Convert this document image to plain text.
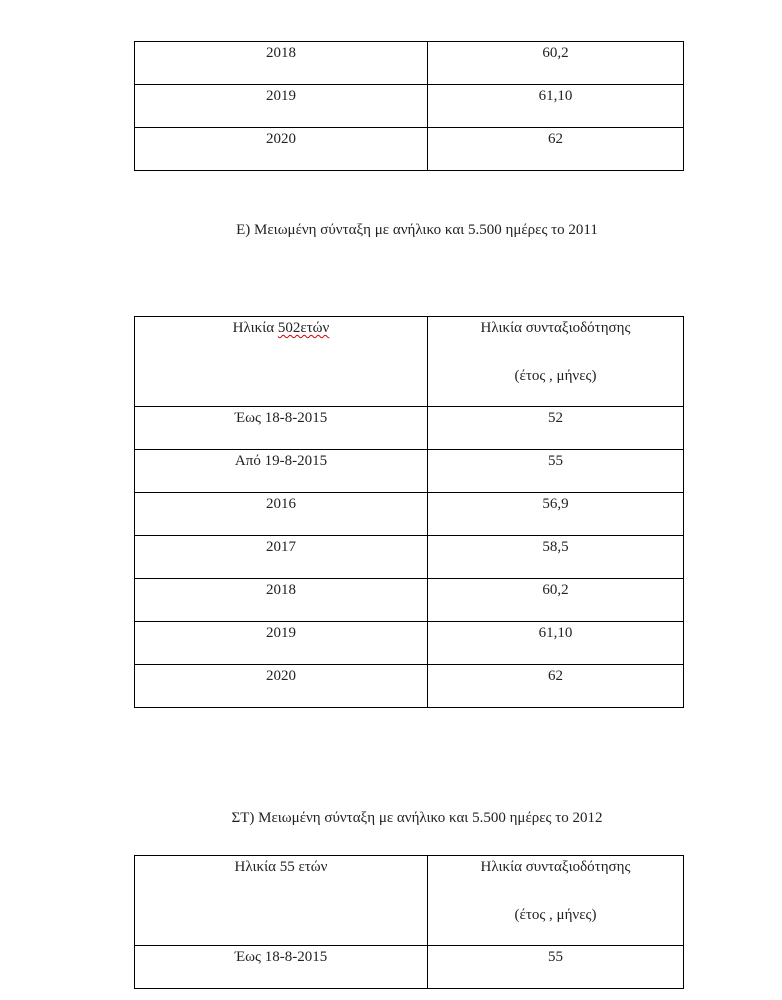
2018	60,2

2019	61,10

2020	62
Ε) Μειωμένη σύνταξη με ανήλικο και 5.500 ημέρες το 2011
Ηλικία 502ετών	Ηλικία συνταξιοδότησης
(έτος , μήνες)

Έως 18-8-2015	52

Από 19-8-2015	55

2016	56,9

2017	58,5

2018	60,2

2019	61,10

2020	62
ΣΤ) Μειωμένη σύνταξη με ανήλικο και 5.500 ημέρες το 2012
Ηλικία 55 ετών	Ηλικία συνταξιοδότησης
(έτος , μήνες)

Έως 18-8-2015	55
